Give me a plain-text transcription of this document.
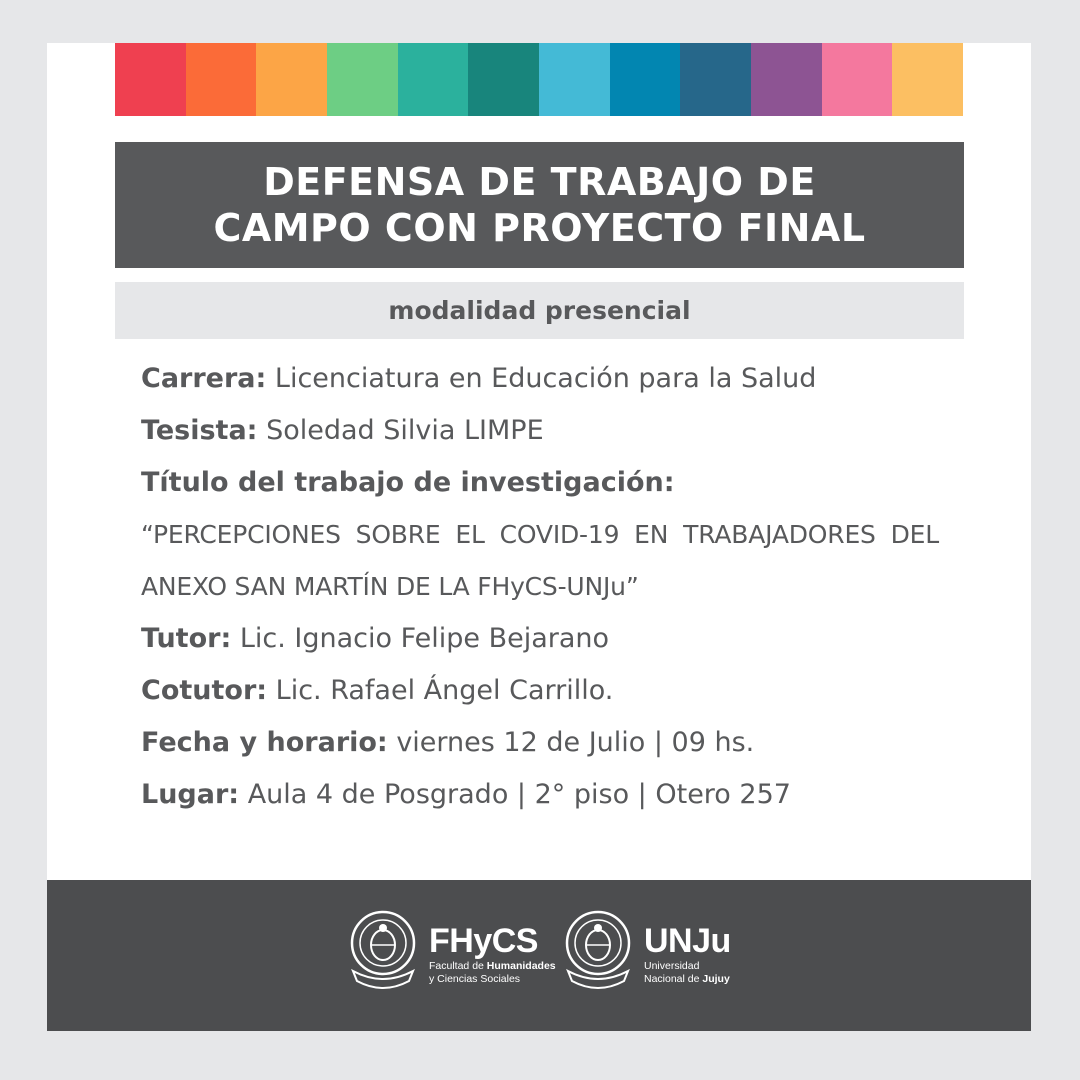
DEFENSA DE TRABAJO DE
CAMPO CON PROYECTO FINAL
modalidad presencial
Carrera: Licenciatura en Educación para la Salud
Tesista: Soledad Silvia LIMPE
Título del trabajo de investigación:
“PERCEPCIONES SOBRE EL COVID-19 EN TRABAJADORES DEL ANEXO SAN MARTÍN DE LA FHyCS-UNJu”
Tutor: Lic. Ignacio Felipe Bejarano
Cotutor: Lic. Rafael Ángel Carrillo.
Fecha y horario: viernes 12 de Julio | 09 hs.
Lugar: Aula 4 de Posgrado | 2° piso | Otero 257
FHyCS
Facultad de Humanidades
y Ciencias Sociales
UNJu
Universidad
Nacional de Jujuy
